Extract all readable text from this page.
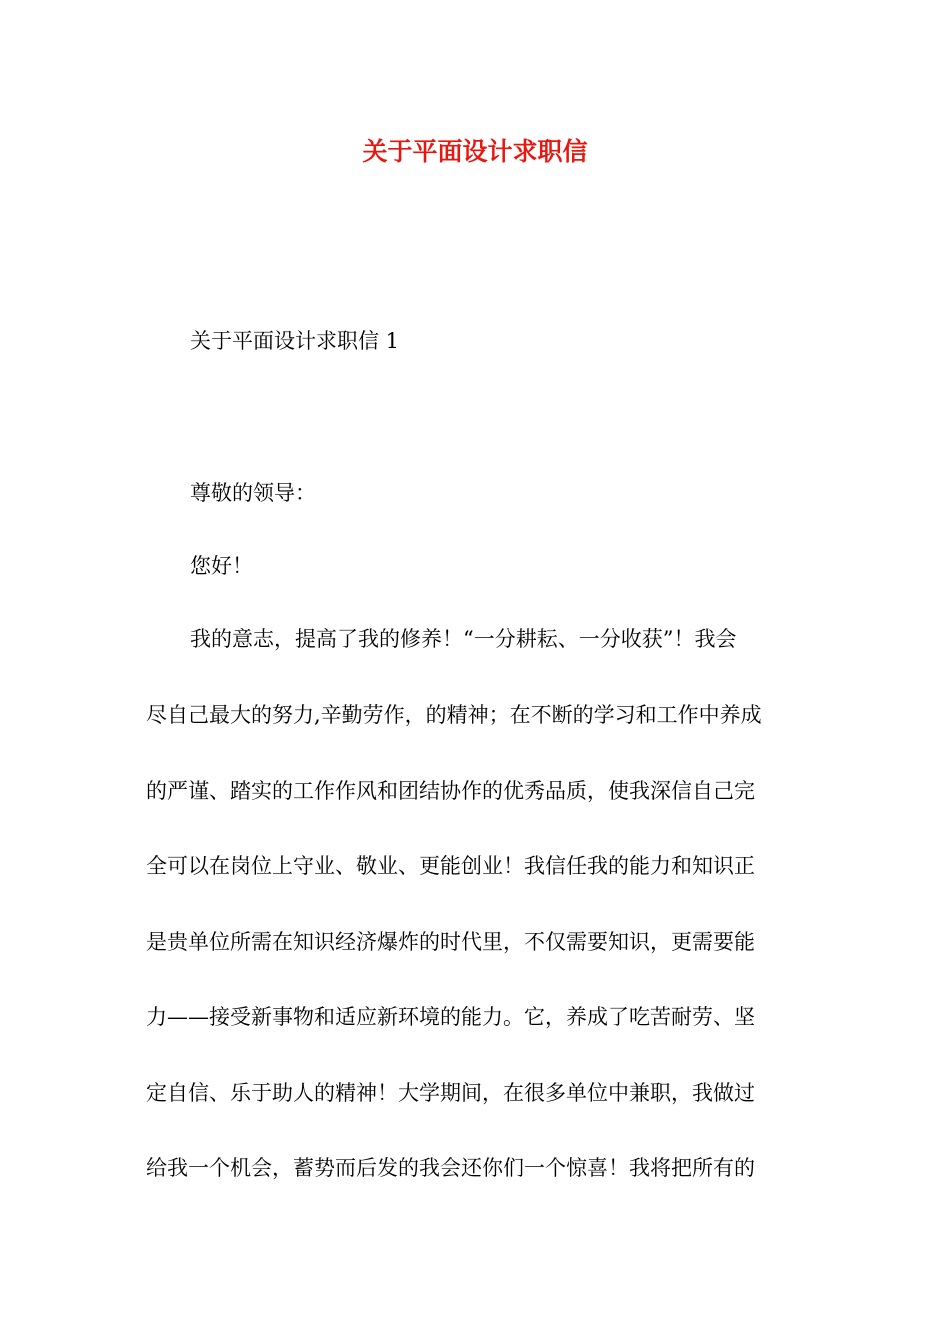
关于平面设计求职信

关于平面设计求职信 1

尊敬的领导：

您好！

我的意志，提高了我的修养！“一分耕耘、一分收获”！我会

尽自己最大的努力,辛勤劳作，的精神；在不断的学习和工作中养成

的严谨、踏实的工作作风和团结协作的优秀品质，使我深信自己完

全可以在岗位上守业、敬业、更能创业！我信任我的能力和知识正

是贵单位所需在知识经济爆炸的时代里，不仅需要知识，更需要能

力——接受新事物和适应新环境的能力。它，养成了吃苦耐劳、坚

定自信、乐于助人的精神！大学期间，在很多单位中兼职，我做过

给我一个机会，蓄势而后发的我会还你们一个惊喜！我将把所有的
